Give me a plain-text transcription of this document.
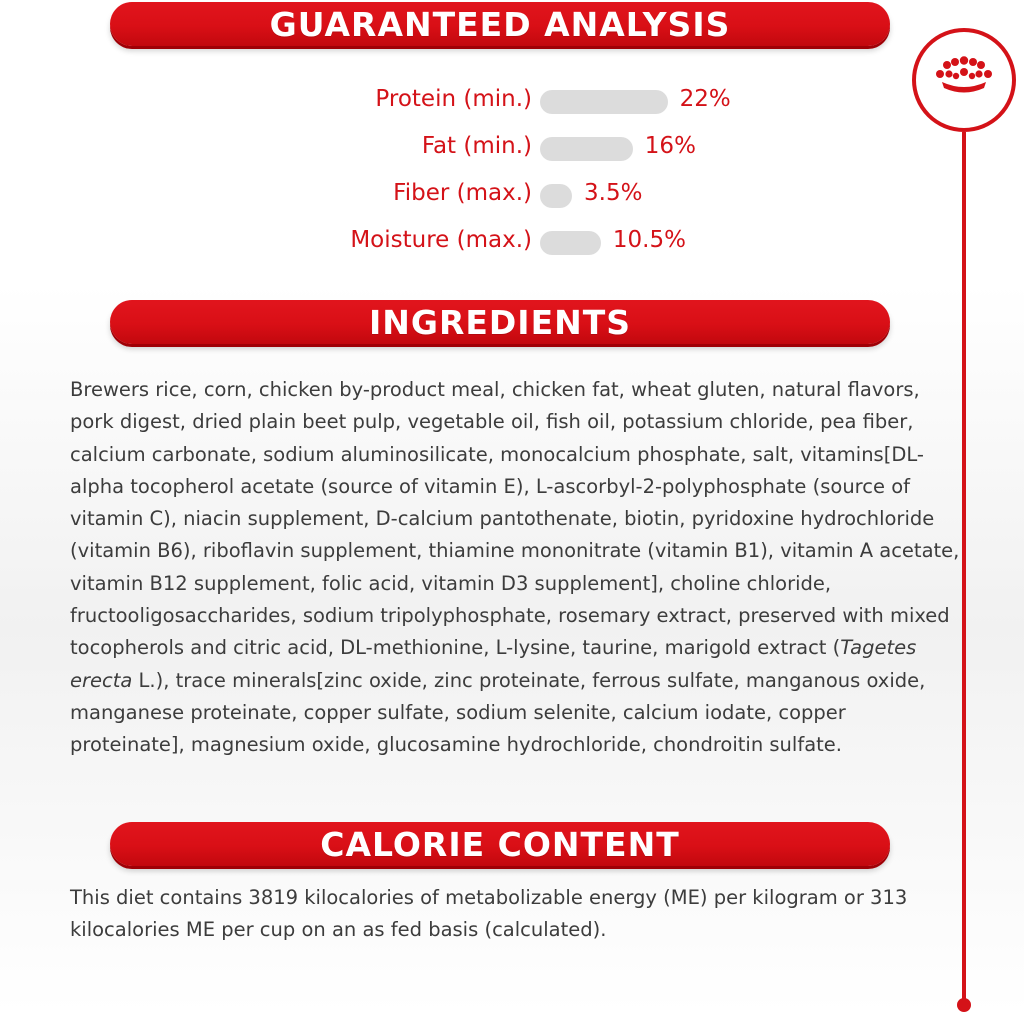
GUARANTEED ANALYSIS
Protein (min.)	22%
Fat (min.)	16%
Fiber (max.) 3.5%
Moisture (max.)	10.5%
INGREDIENTS

Brewers rice, corn, chicken by-product meal, chicken fat, wheat gluten, natural flavors, pork digest, dried plain beet pulp, vegetable oil, fish oil, potassium chloride, pea fiber, calcium carbonate, sodium aluminosilicate, monocalcium phosphate, salt, vitamins[DL-alpha tocopherol acetate (source of vitamin E), L-ascorbyl-2-polyphosphate (source of vitamin C), niacin supplement, D-calcium pantothenate, biotin, pyridoxine hydrochloride (vitamin B6), riboflavin supplement, thiamine mononitrate (vitamin B1), vitamin A acetate, vitamin B12 supplement, folic acid, vitamin D3 supplement], choline chloride, fructooligosaccharides, sodium tripolyphosphate, rosemary extract, preserved with mixed tocopherols and citric acid, DL-methionine, L-lysine, taurine, marigold extract (Tagetes erecta L.), trace minerals[zinc oxide, zinc proteinate, ferrous sulfate, manganous oxide, manganese proteinate, copper sulfate, sodium selenite, calcium iodate, copper proteinate], magnesium oxide, glucosamine hydrochloride, chondroitin sulfate.

CALORIE CONTENT

This diet contains 3819 kilocalories of metabolizable energy (ME) per kilogram or 313 kilocalories ME per cup on an as fed basis (calculated).
